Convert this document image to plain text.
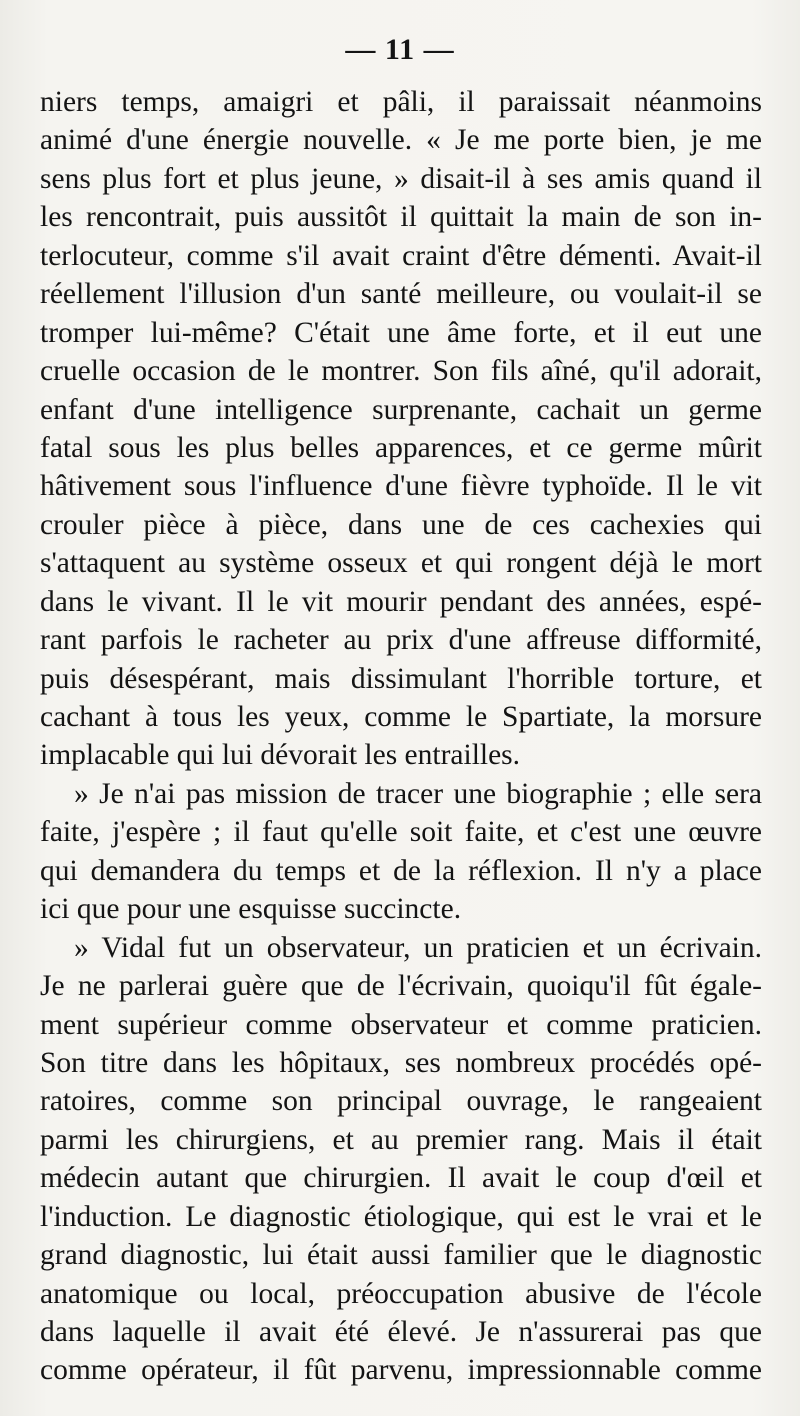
— 11 —
niers temps, amaigri et pâli, il paraissait néanmoins
animé d'une énergie nouvelle. « Je me porte bien, je me
sens plus fort et plus jeune, » disait-il à ses amis quand il
les rencontrait, puis aussitôt il quittait la main de son in-
terlocuteur, comme s'il avait craint d'être démenti. Avait-il
réellement l'illusion d'un santé meilleure, ou voulait-il se
tromper lui-même? C'était une âme forte, et il eut une
cruelle occasion de le montrer. Son fils aîné, qu'il adorait,
enfant d'une intelligence surprenante, cachait un germe
fatal sous les plus belles apparences, et ce germe mûrit
hâtivement sous l'influence d'une fièvre typhoïde. Il le vit
crouler pièce à pièce, dans une de ces cachexies qui
s'attaquent au système osseux et qui rongent déjà le mort
dans le vivant. Il le vit mourir pendant des années, espé-
rant parfois le racheter au prix d'une affreuse difformité,
puis désespérant, mais dissimulant l'horrible torture, et
cachant à tous les yeux, comme le Spartiate, la morsure
implacable qui lui dévorait les entrailles.
» Je n'ai pas mission de tracer une biographie ; elle sera
faite, j'espère ; il faut qu'elle soit faite, et c'est une œuvre
qui demandera du temps et de la réflexion. Il n'y a place
ici que pour une esquisse succincte.
» Vidal fut un observateur, un praticien et un écrivain.
Je ne parlerai guère que de l'écrivain, quoiqu'il fût égale-
ment supérieur comme observateur et comme praticien.
Son titre dans les hôpitaux, ses nombreux procédés opé-
ratoires, comme son principal ouvrage, le rangeaient
parmi les chirurgiens, et au premier rang. Mais il était
médecin autant que chirurgien. Il avait le coup d'œil et
l'induction. Le diagnostic étiologique, qui est le vrai et le
grand diagnostic, lui était aussi familier que le diagnostic
anatomique ou local, préoccupation abusive de l'école
dans laquelle il avait été élevé. Je n'assurerai pas que
comme opérateur, il fût parvenu, impressionnable comme
